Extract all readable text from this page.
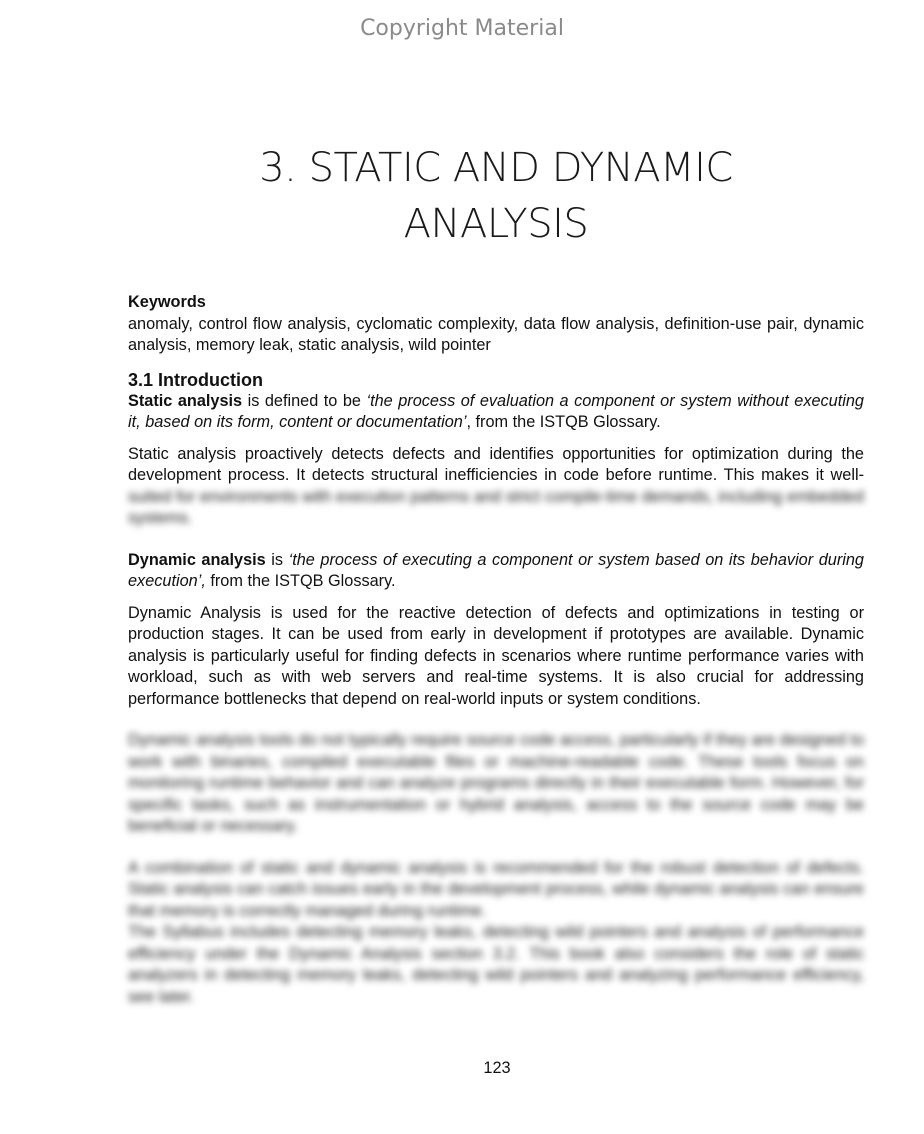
Copyright Material
3. STATIC AND DYNAMIC
ANALYSIS

Keywords

anomaly, control flow analysis, cyclomatic complexity, data flow analysis, definition-use pair, dynamic analysis, memory leak, static analysis, wild pointer

3.1 Introduction

Static analysis is defined to be ‘the process of evaluation a component or system without executing it, based on its form, content or documentation’, from the ISTQB Glossary.

Static analysis proactively detects defects and identifies opportunities for optimization during the development process. It detects structural inefficiencies in code before runtime. This makes it well- suited for environments with execution patterns and strict compile-time demands, including embedded systems.

Dynamic analysis is ‘the process of executing a component or system based on its behavior during execution’, from the ISTQB Glossary.

Dynamic Analysis is used for the reactive detection of defects and optimizations in testing or production stages. It can be used from early in development if prototypes are available. Dynamic analysis is particularly useful for finding defects in scenarios where runtime performance varies with workload, such as with web servers and real-time systems. It is also crucial for addressing performance bottlenecks that depend on real-world inputs or system conditions.

Dynamic analysis tools do not typically require source code access, particularly if they are designed to work with binaries, compiled executable files or machine-readable code. These tools focus on monitoring runtime behavior and can analyze programs directly in their executable form. However, for specific tasks, such as instrumentation or hybrid analysis, access to the source code may be beneficial or necessary.

A combination of static and dynamic analysis is recommended for the robust detection of defects. Static analysis can catch issues early in the development process, while dynamic analysis can ensure that memory is correctly managed during runtime.

The Syllabus includes detecting memory leaks, detecting wild pointers and analysis of performance efficiency under the Dynamic Analysis section 3.2. This book also considers the role of static analyzers in detecting memory leaks, detecting wild pointers and analyzing performance efficiency, see later.

123
